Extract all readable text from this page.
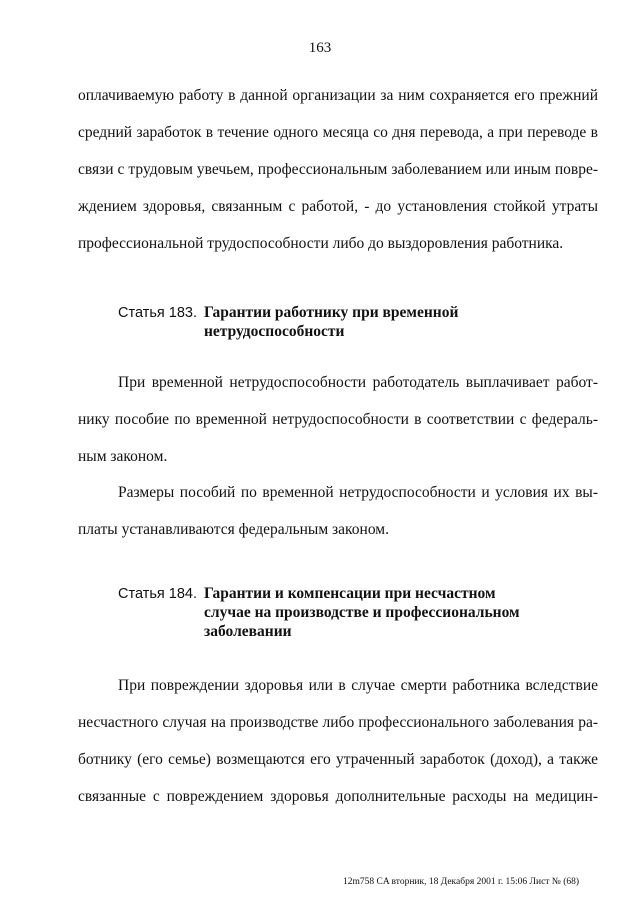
163
оплачиваемую работу в данной организации за ним сохраняется его прежний
средний заработок в течение одного месяца со дня перевода, а при переводе в
связи с трудовым увечьем, профессиональным заболеванием или иным повре-
ждением здоровья, связанным с работой, - до установления стойкой утраты
профессиональной трудоспособности либо до выздоровления работника.
Статья 183. Гарантии работнику при временной
нетрудоспособности
При временной нетрудоспособности работодатель выплачивает работ-
нику пособие по временной нетрудоспособности в соответствии с федераль-
ным законом.
Размеры пособий по временной нетрудоспособности и условия их вы-
платы устанавливаются федеральным законом.
Статья 184. Гарантии и компенсации при несчастном
случае на производстве и профессиональном
заболевании
При повреждении здоровья или в случае смерти работника вследствие
несчастного случая на производстве либо профессионального заболевания ра-
ботнику (его семье) возмещаются его утраченный заработок (доход), а также
связанные с повреждением здоровья дополнительные расходы на медицин-
12m758 CA вторник, 18 Декабря 2001 г. 15:06 Лист № (68)
